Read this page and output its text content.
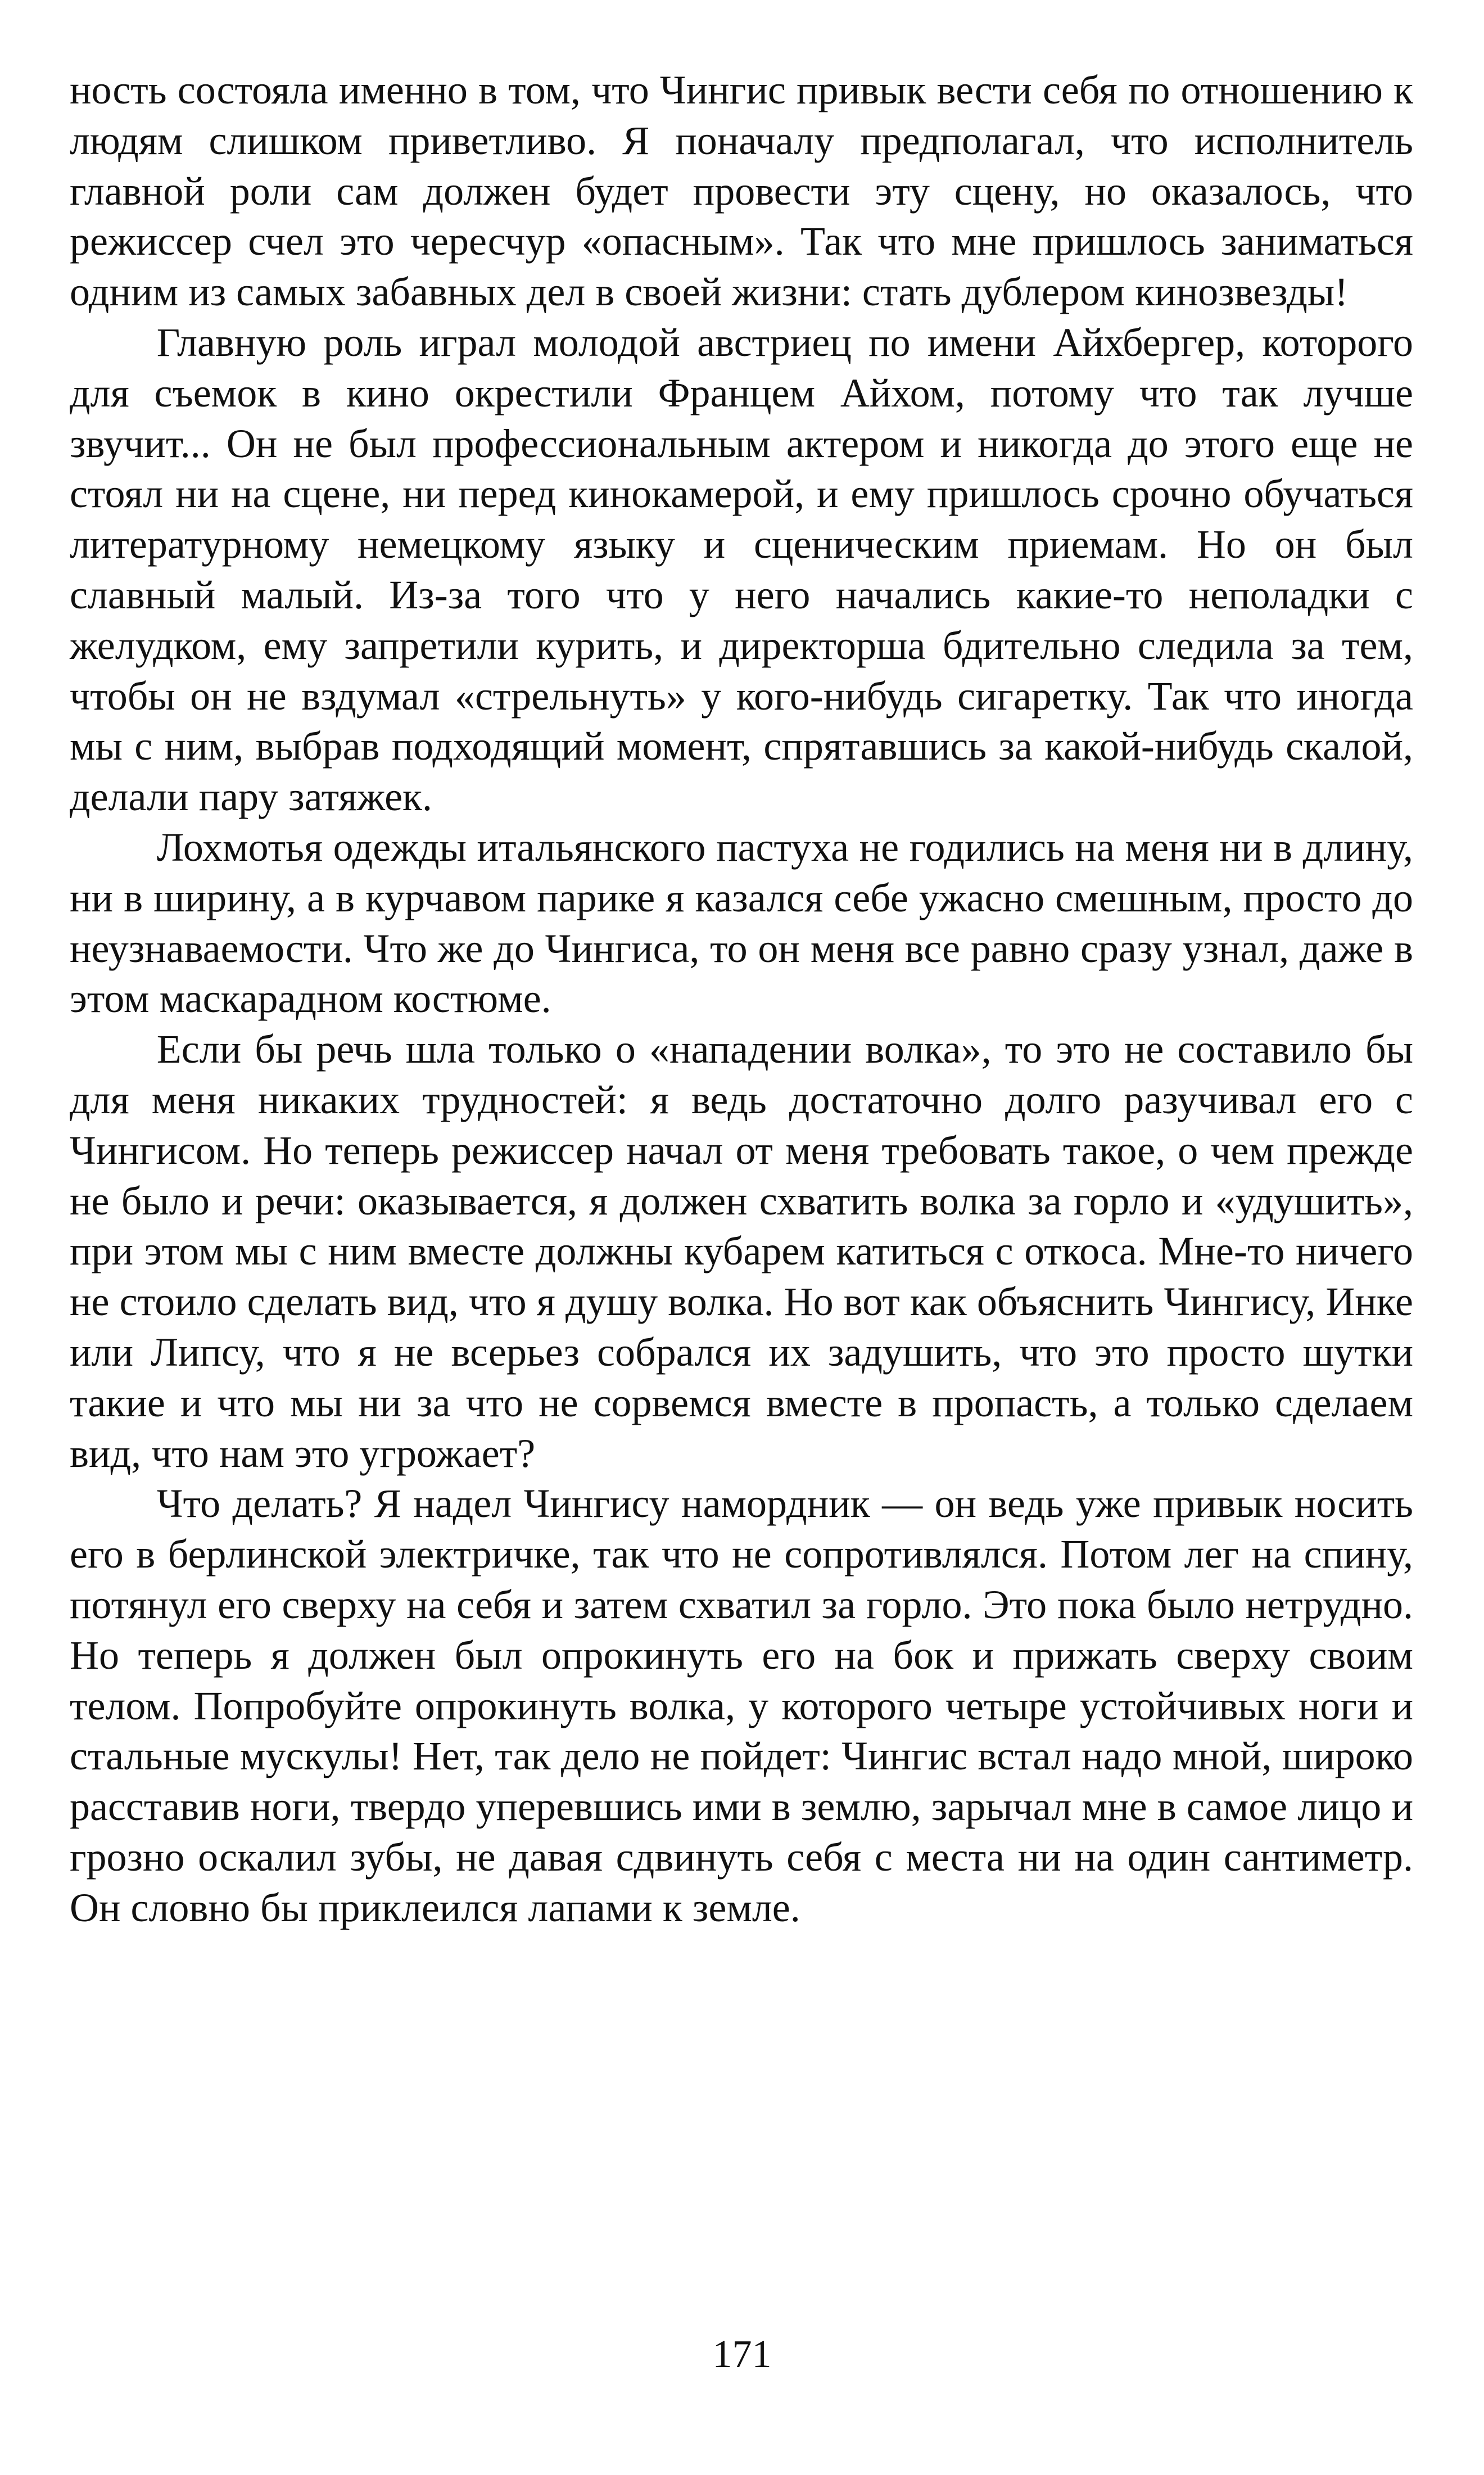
ность состояла именно в том, что Чингис привык вести себя по отношению к людям слишком приветливо. Я поначалу предполагал, что исполнитель главной роли сам должен будет провести эту сцену, но оказалось, что режиссер счел это чересчур «опасным». Так что мне пришлось заниматься одним из самых забавных дел в своей жизни: стать дублером кинозвезды!

Главную роль играл молодой австриец по имени Айхбергер, которого для съемок в кино окрестили Францем Айхом, потому что так лучше звучит... Он не был профессиональным актером и никогда до этого еще не стоял ни на сцене, ни перед кинокамерой, и ему пришлось срочно обучаться литературному немецкому языку и сценическим приемам. Но он был славный малый. Из-за того что у него начались какие-то неполадки с желудком, ему запретили курить, и директорша бдительно следила за тем, чтобы он не вздумал «стрельнуть» у кого-нибудь сигаретку. Так что иногда мы с ним, выбрав подходящий момент, спрятавшись за какой-нибудь скалой, делали пару затяжек.

Лохмотья одежды итальянского пастуха не годились на меня ни в длину, ни в ширину, а в курчавом парике я казался себе ужасно смешным, просто до неузнаваемости. Что же до Чингиса, то он меня все равно сразу узнал, даже в этом маскарадном костюме.

Если бы речь шла только о «нападении волка», то это не составило бы для меня никаких трудностей: я ведь достаточно долго разучивал его с Чингисом. Но теперь режиссер начал от меня требовать такое, о чем прежде не было и речи: оказывается, я должен схватить волка за горло и «удушить», при этом мы с ним вместе должны кубарем катиться с откоса. Мне-то ничего не стоило сделать вид, что я душу волка. Но вот как объяснить Чингису, Инке или Липсу, что я не всерьез собрался их задушить, что это просто шутки такие и что мы ни за что не сорвемся вместе в пропасть, а только сделаем вид, что нам это угрожает?

Что делать? Я надел Чингису намордник — он ведь уже привык носить его в берлинской электричке, так что не сопротивлялся. Потом лег на спину, потянул его сверху на себя и затем схватил за горло. Это пока было нетрудно. Но теперь я должен был опрокинуть его на бок и прижать сверху своим телом. Попробуйте опрокинуть волка, у которого четыре устойчивых ноги и стальные мускулы! Нет, так дело не пойдет: Чингис встал надо мной, широко расставив ноги, твердо уперевшись ими в землю, зарычал мне в самое лицо и грозно оскалил зубы, не давая сдвинуть себя с места ни на один сантиметр. Он словно бы приклеился лапами к земле.

171
